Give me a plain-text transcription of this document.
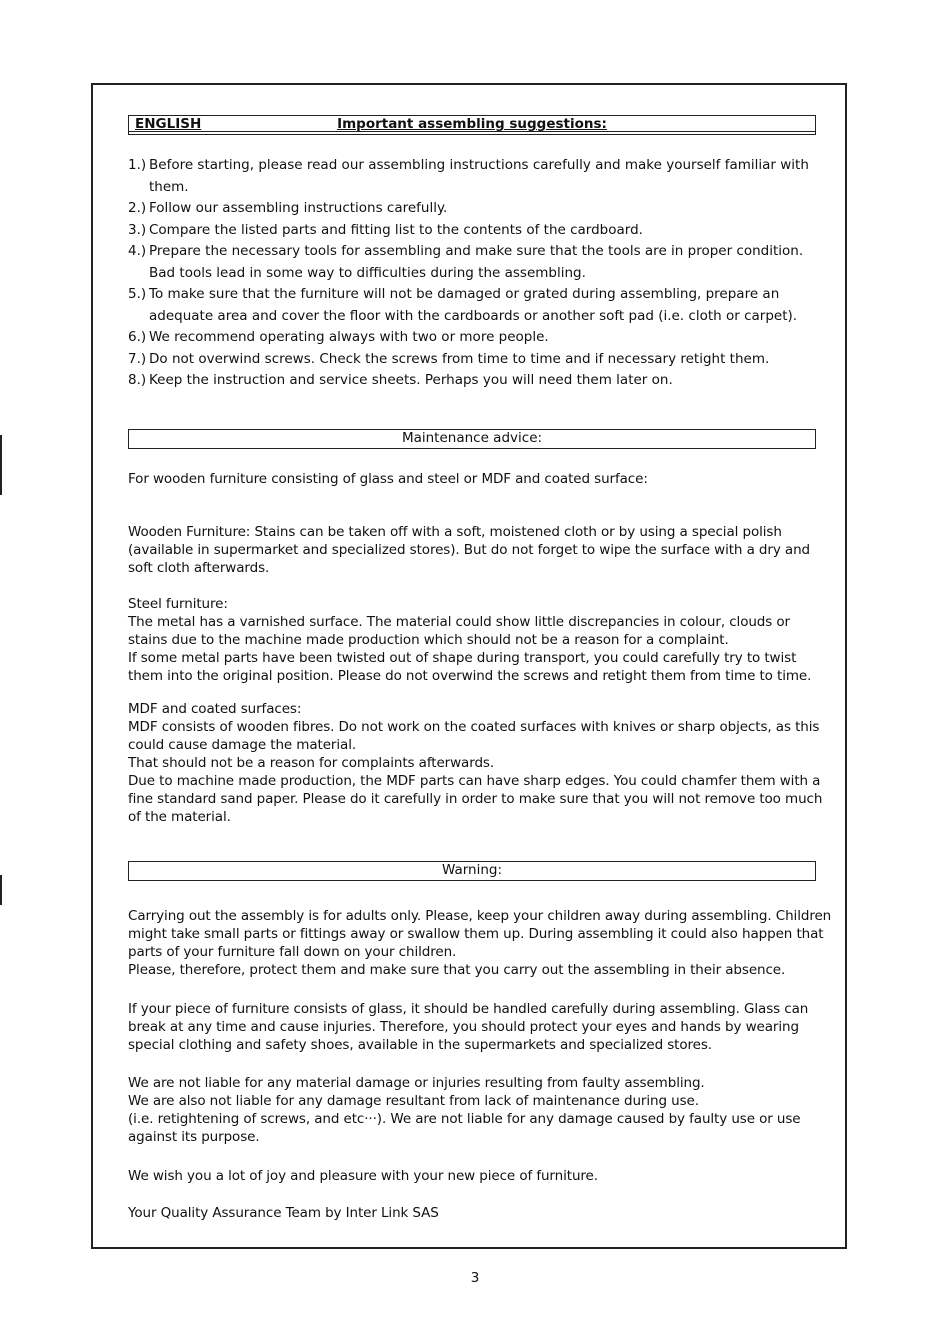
ENGLISH	Important assembling suggestions:
1.) Before starting, please read our assembling instructions carefully and make yourself familiar with them.
2.) Follow our assembling instructions carefully.
3.) Compare the listed parts and fitting list to the contents of the cardboard.
4.) Prepare the necessary tools for assembling and make sure that the tools are in proper condition. Bad tools lead in some way to difficulties during the assembling.
5.) To make sure that the furniture will not be damaged or grated during assembling, prepare an adequate area and cover the floor with the cardboards or another soft pad (i.e. cloth or carpet).
6.) We recommend operating always with two or more people.
7.) Do not overwind screws. Check the screws from time to time and if necessary retight them.
8.) Keep the instruction and service sheets. Perhaps you will need them later on.
Maintenance advice:

For wooden furniture consisting of glass and steel or MDF and coated surface:

Wooden Furniture: Stains can be taken off with a soft, moistened cloth or by using a special polish (available in supermarket and specialized stores). But do not forget to wipe the surface with a dry and soft cloth afterwards.

Steel furniture:

The metal has a varnished surface. The material could show little discrepancies in colour, clouds or stains due to the machine made production which should not be a reason for a complaint.

If some metal parts have been twisted out of shape during transport, you could carefully try to twist them into the original position. Please do not overwind the screws and retight them from time to time.

MDF and coated surfaces:

MDF consists of wooden fibres. Do not work on the coated surfaces with knives or sharp objects, as this could cause damage the material.

That should not be a reason for complaints afterwards.

Due to machine made production, the MDF parts can have sharp edges. You could chamfer them with a fine standard sand paper. Please do it carefully in order to make sure that you will not remove too much of the material.

Warning:

Carrying out the assembly is for adults only. Please, keep your children away during assembling. Children might take small parts or fittings away or swallow them up. During assembling it could also happen that parts of your furniture fall down on your children.

Please, therefore, protect them and make sure that you carry out the assembling in their absence.

If your piece of furniture consists of glass, it should be handled carefully during assembling. Glass can break at any time and cause injuries. Therefore, you should protect your eyes and hands by wearing special clothing and safety shoes, available in the supermarkets and specialized stores.

We are not liable for any material damage or injuries resulting from faulty assembling.

We are also not liable for any damage resultant from lack of maintenance during use.

(i.e. retightening of screws, and etc···). We are not liable for any damage caused by faulty use or use against its purpose.

We wish you a lot of joy and pleasure with your new piece of furniture.

Your Quality Assurance Team by Inter Link SAS

3
